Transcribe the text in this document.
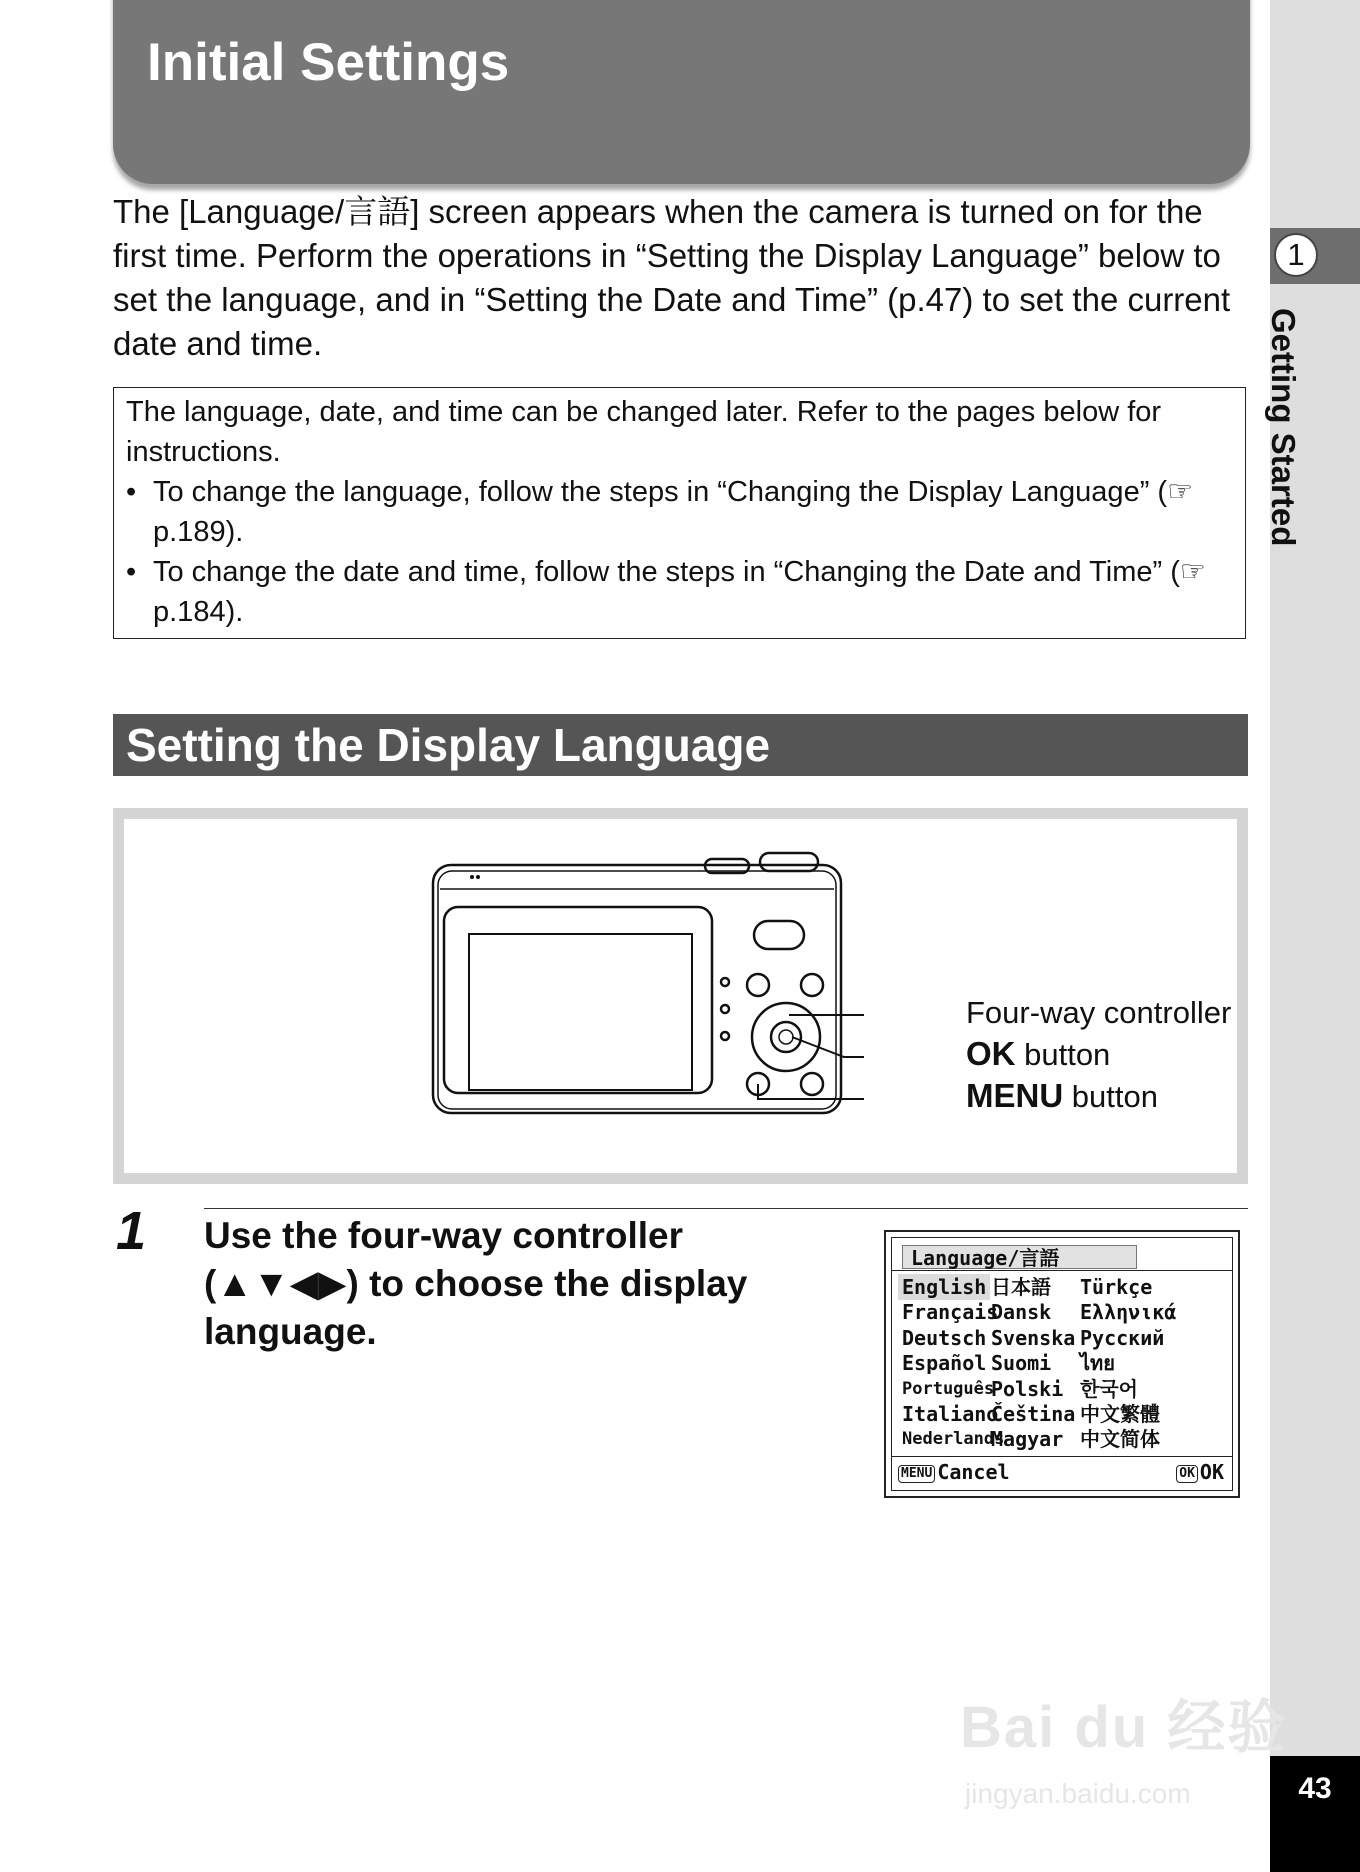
1
Getting Started
43
Initial Settings
The [Language/言語] screen appears when the camera is turned on for the first time. Perform the operations in “Setting the Display Language” below to set the language, and in “Setting the Date and Time” (p.47) to set the current date and time.

The language, date, and time can be changed later. Refer to the pages below for instructions.

• To change the language, follow the steps in “Changing the Display Language” (☞p.189).
• To change the date and time, follow the steps in “Changing the Date and Time” (☞p.184).
Setting the Display Language
Four-way controller
OK button
MENU button
1 Use the four-way controller (▲▼◀▶) to choose the display language.
Language/言語
English
Français
Deutsch
Español
Português
Italiano
Nederlands
日本語
Dansk
Svenska
Suomi
Polski
Čeština
Magyar
Türkçe
Ελληνικά
Русский
ไทย
한국어
中文繁體
中文简体
MENU Cancel	OK OK
Bai du 经验
jingyan.baidu.com
